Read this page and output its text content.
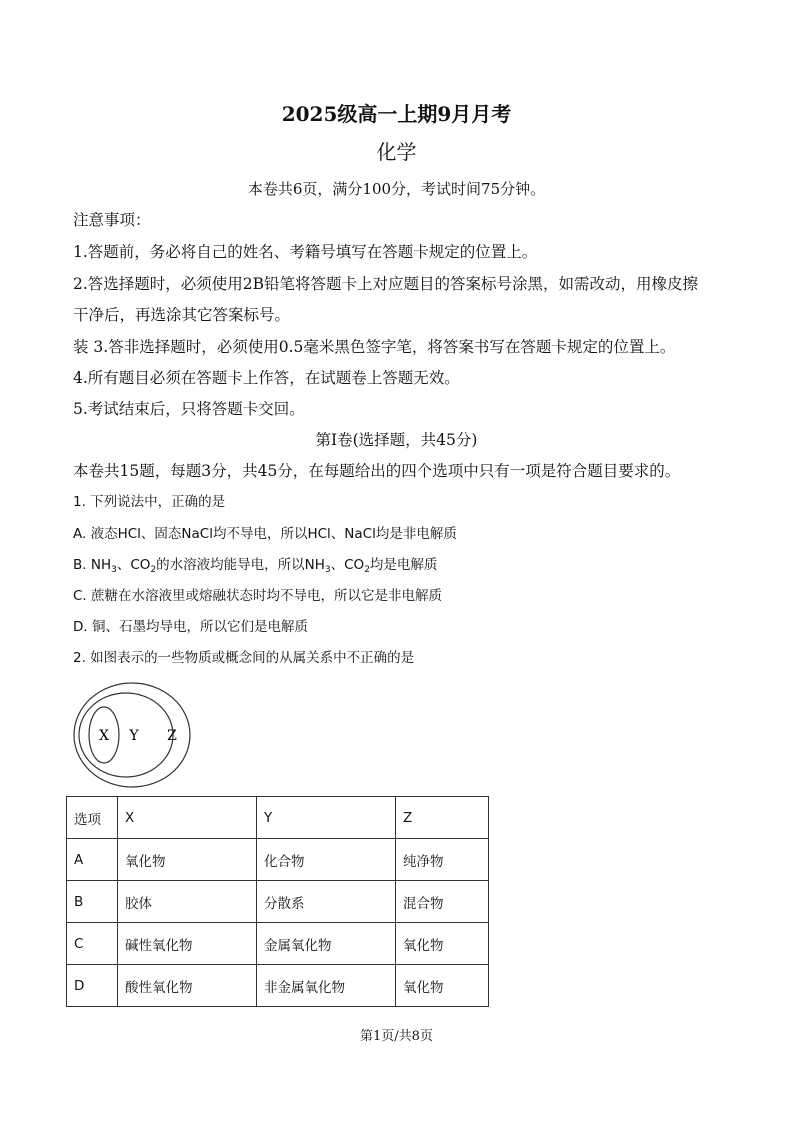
2025级高一上期9月月考
化学
本卷共6页，满分100分，考试时间75分钟。
注意事项：
1.答题前，务必将自己的姓名、考籍号填写在答题卡规定的位置上。
2.答选择题时，必须使用2B铅笔将答题卡上对应题目的答案标号涂黑，如需改动，用橡皮擦
干净后，再选涂其它答案标号。
装 3.答非选择题时，必须使用0.5毫米黑色签字笔，将答案书写在答题卡规定的位置上。
4.所有题目必须在答题卡上作答，在试题卷上答题无效。
5.考试结束后，只将答题卡交回。
第I卷(选择题，共45分)
本卷共15题，每题3分，共45分，在每题给出的四个选项中只有一项是符合题目要求的。
1. 下列说法中，正确的是
A. 液态HCl、固态NaCl均不导电，所以HCl、NaCl均是非电解质
B. $NH_3$、$CO_2$的水溶液均能导电，所以$NH_3$、$CO_2$均是电解质
C. 蔗糖在水溶液里或熔融状态时均不导电，所以它是非电解质
D. 铜、石墨均导电，所以它们是电解质
2. 如图表示的一些物质或概念间的从属关系中不正确的是
X Y Z
选项	X	Y	Z
A	氧化物	化合物	纯净物
B	胶体	分散系	混合物
C	碱性氧化物	金属氧化物	氧化物
D	酸性氧化物	非金属氧化物	氧化物
第1页/共8页
